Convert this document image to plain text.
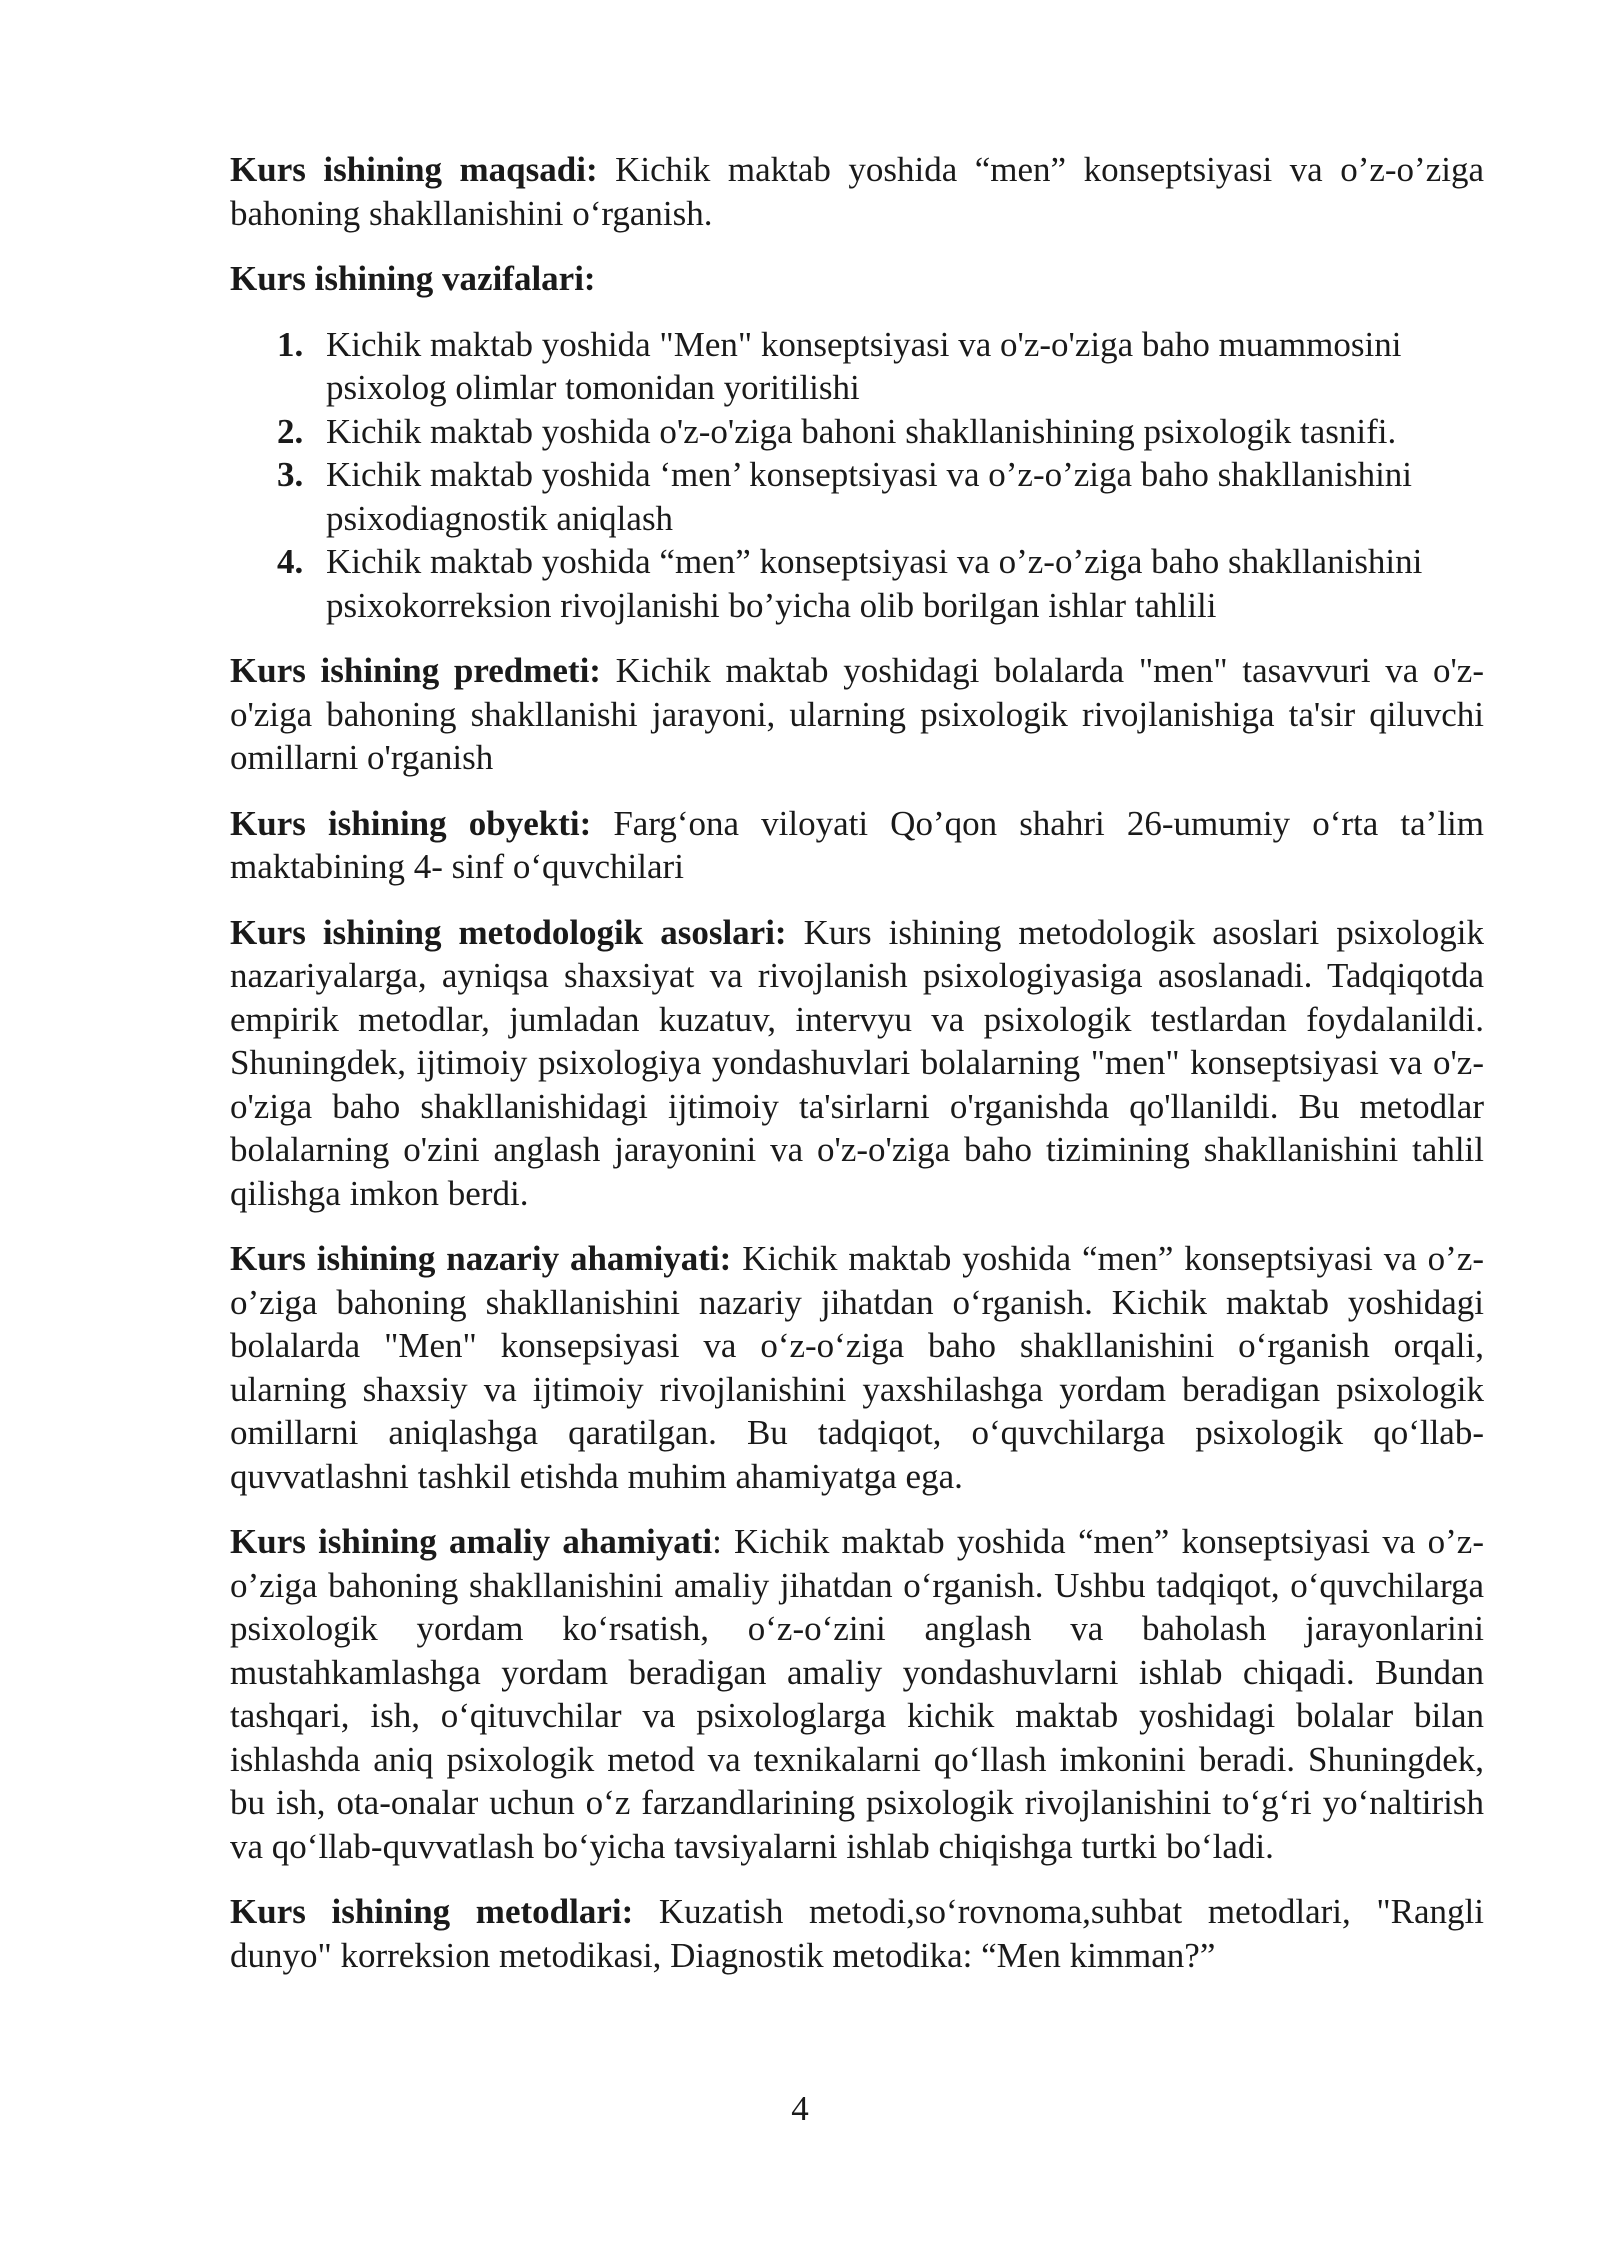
Kurs ishining maqsadi: Kichik maktab yoshida “men” konseptsiyasi va o’z-o’ziga bahoning shakllanishini o‘rganish.

Kurs ishining vazifalari:

1. Kichik maktab yoshida "Men" konseptsiyasi va o'z-o'ziga baho muammosini psixolog olimlar tomonidan yoritilishi
2. Kichik maktab yoshida o'z-o'ziga bahoni shakllanishining psixologik tasnifi.
3. Kichik maktab yoshida ‘men’ konseptsiyasi va o’z-o’ziga baho shakllanishini psixodiagnostik aniqlash
4. Kichik maktab yoshida “men” konseptsiyasi va o’z-o’ziga baho shakllanishini psixokorreksion rivojlanishi bo’yicha olib borilgan ishlar tahlili

Kurs ishining predmeti: Kichik maktab yoshidagi bolalarda "men" tasavvuri va o'z-o'ziga bahoning shakllanishi jarayoni, ularning psixologik rivojlanishiga ta'sir qiluvchi omillarni o'rganish

Kurs ishining obyekti: Farg‘ona viloyati Qo’qon shahri 26-umumiy o‘rta ta’lim maktabining 4- sinf o‘quvchilari

Kurs ishining metodologik asoslari: Kurs ishining metodologik asoslari psixologik nazariyalarga, ayniqsa shaxsiyat va rivojlanish psixologiyasiga asoslanadi. Tadqiqotda empirik metodlar, jumladan kuzatuv, intervyu va psixologik testlardan foydalanildi. Shuningdek, ijtimoiy psixologiya yondashuvlari bolalarning "men" konseptsiyasi va o'z-o'ziga baho shakllanishidagi ijtimoiy ta'sirlarni o'rganishda qo'llanildi. Bu metodlar bolalarning o'zini anglash jarayonini va o'z-o'ziga baho tizimining shakllanishini tahlil qilishga imkon berdi.

Kurs ishining nazariy ahamiyati: Kichik maktab yoshida “men” konseptsiyasi va o’z-o’ziga bahoning shakllanishini nazariy jihatdan o‘rganish. Kichik maktab yoshidagi bolalarda "Men" konsepsiyasi va o‘z-o‘ziga baho shakllanishini o‘rganish orqali, ularning shaxsiy va ijtimoiy rivojlanishini yaxshilashga yordam beradigan psixologik omillarni aniqlashga qaratilgan. Bu tadqiqot, o‘quvchilarga psixologik qo‘llab-quvvatlashni tashkil etishda muhim ahamiyatga ega.

Kurs ishining amaliy ahamiyati: Kichik maktab yoshida “men” konseptsiyasi va o’z-o’ziga bahoning shakllanishini amaliy jihatdan o‘rganish. Ushbu tadqiqot, o‘quvchilarga psixologik yordam ko‘rsatish, o‘z-o‘zini anglash va baholash jarayonlarini mustahkamlashga yordam beradigan amaliy yondashuvlarni ishlab chiqadi. Bundan tashqari, ish, o‘qituvchilar va psixologlarga kichik maktab yoshidagi bolalar bilan ishlashda aniq psixologik metod va texnikalarni qo‘llash imkonini beradi. Shuningdek, bu ish, ota-onalar uchun o‘z farzandlarining psixologik rivojlanishini to‘g‘ri yo‘naltirish va qo‘llab-quvvatlash bo‘yicha tavsiyalarni ishlab chiqishga turtki bo‘ladi.

Kurs ishining metodlari: Kuzatish metodi,so‘rovnoma,suhbat metodlari, "Rangli dunyo" korreksion metodikasi, Diagnostik metodika: “Men kimman?”

4
